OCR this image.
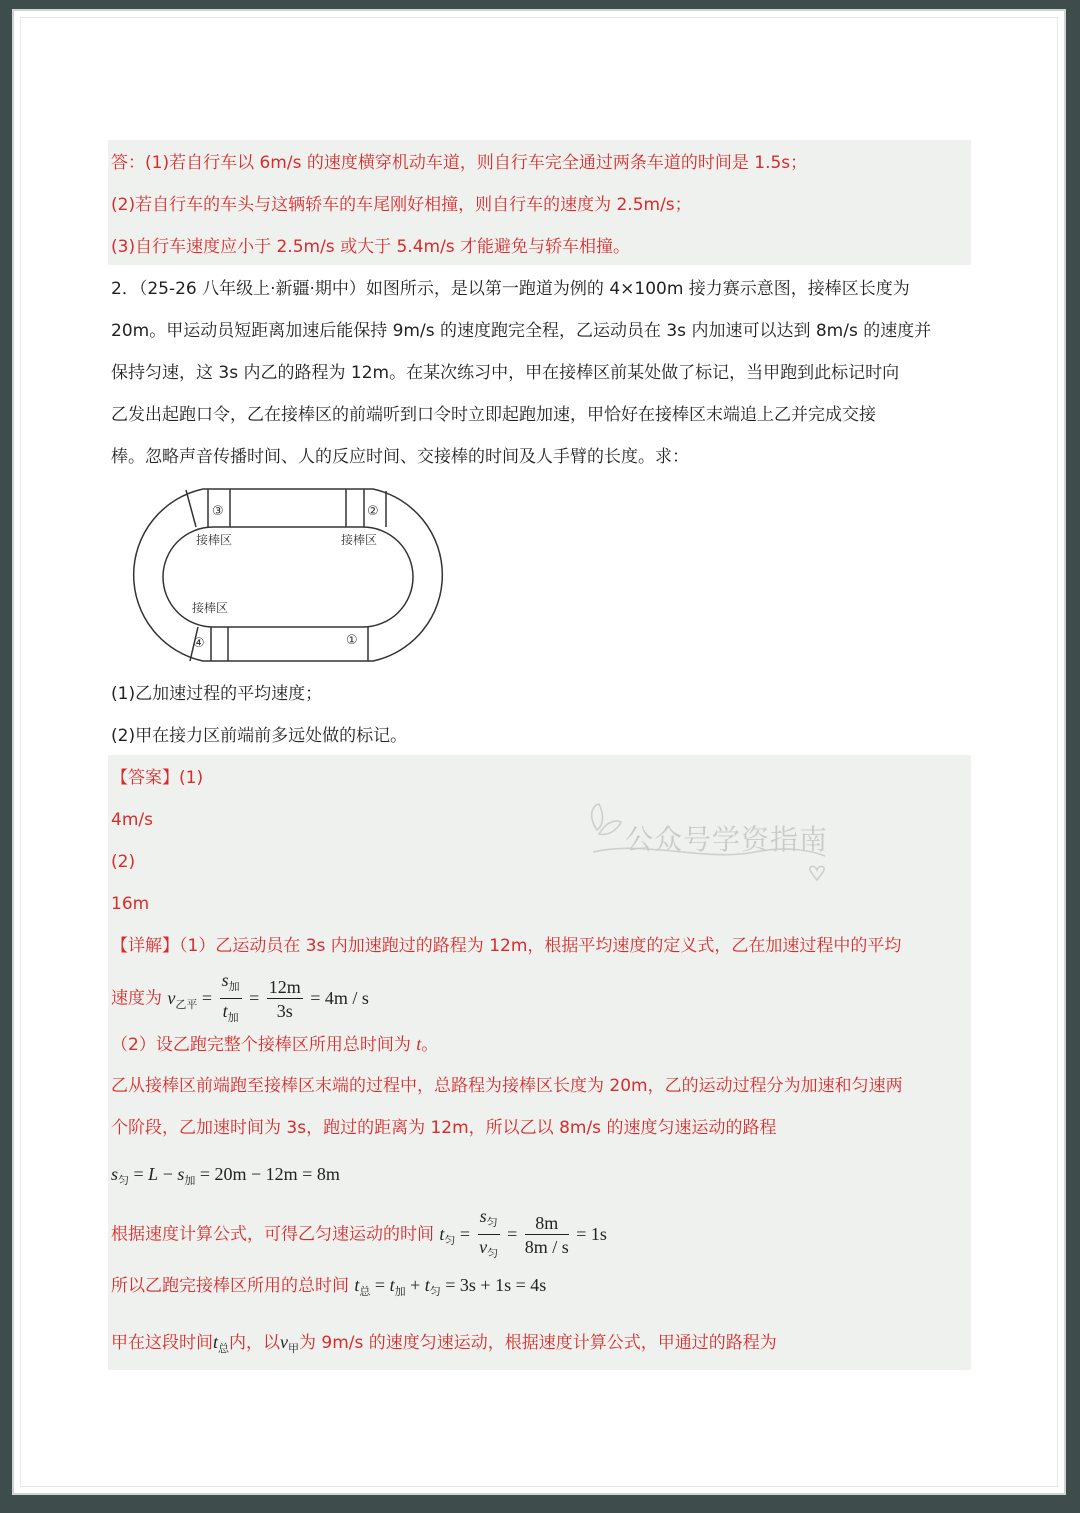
答：(1)若自行车以 6m/s 的速度横穿机动车道，则自行车完全通过两条车道的时间是 1.5s；
(2)若自行车的车头与这辆轿车的车尾刚好相撞，则自行车的速度为 2.5m/s；
(3)自行车速度应小于 2.5m/s 或大于 5.4m/s 才能避免与轿车相撞。
2．（25-26 八年级上·新疆·期中）如图所示，是以第一跑道为例的 4×100m 接力赛示意图，接棒区长度为
20m。甲运动员短距离加速后能保持 9m/s 的速度跑完全程，乙运动员在 3s 内加速可以达到 8m/s 的速度并
保持匀速，这 3s 内乙的路程为 12m。在某次练习中，甲在接棒区前某处做了标记，当甲跑到此标记时向
乙发出起跑口令，乙在接棒区的前端听到口令时立即起跑加速，甲恰好在接棒区末端追上乙并完成交接
棒。忽略声音传播时间、人的反应时间、交接棒的时间及人手臂的长度。求：
接棒区	接棒区
接棒区
③	②
④	①
(1)乙加速过程的平均速度；
(2)甲在接力区前端前多远处做的标记。
【答案】(1)
4m/s
(2)
16m
【详解】（1）乙运动员在 3s 内加速跑过的路程为 12m，根据平均速度的定义式，乙在加速过程中的平均
速度为 $v_{乙平} = \frac{s_加}{t_加} = \frac{12m}{3s} = 4m / s$
（2）设乙跑完整个接棒区所用总时间为 t。
乙从接棒区前端跑至接棒区末端的过程中，总路程为接棒区长度为 20m，乙的运动过程分为加速和匀速两
个阶段，乙加速时间为 3s，跑过的距离为 12m，所以乙以 8m/s 的速度匀速运动的路程
$s_匀 = L - s_加 = 20m - 12m = 8m$
根据速度计算公式，可得乙匀速运动的时间 $t_匀 = \frac{s_匀}{v_匀} = \frac{8m}{8m / s} = 1s$
所以乙跑完接棒区所用的总时间 $t_总 = t_加 + t_匀 = 3s + 1s = 4s$
甲在这段时间$t_总$内，以$v_甲$为 9m/s 的速度匀速运动，根据速度计算公式，甲通过的路程为
公众号学资指南
